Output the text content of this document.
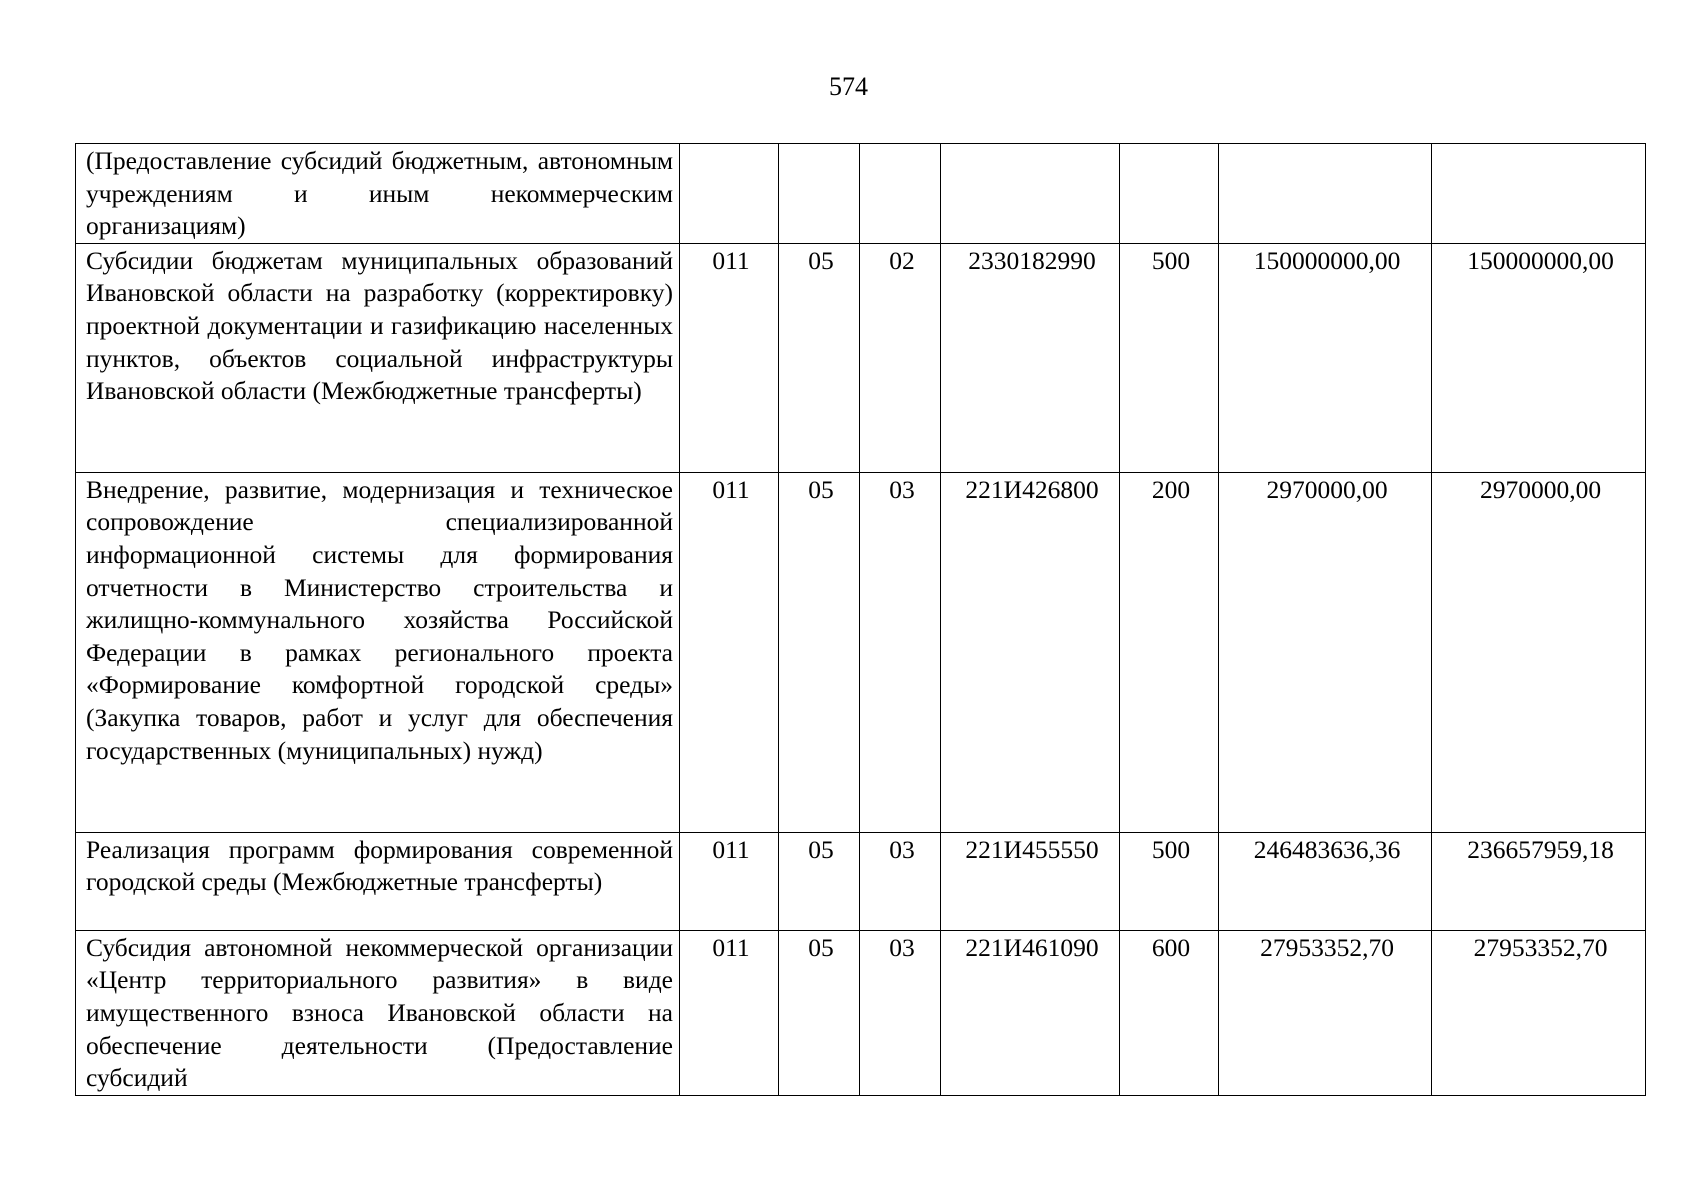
574
(Предоставление субсидий бюджетным, автономным учреждениям и иным некоммерческим организациям)							
Субсидии бюджетам муниципальных образований Ивановской области на разработку (корректировку) проектной документации и газификацию населенных пунктов, объектов социальной инфраструктуры Ивановской области (Межбюджетные трансферты)	011	05	02	2330182990	500	150000000,00	150000000,00
Внедрение, развитие, модернизация и техническое сопровождение специализированной информационной системы для формирования отчетности в Министерство строительства и жилищно-коммунального хозяйства Российской Федерации в рамках регионального проекта «Формирование комфортной городской среды» (Закупка товаров, работ и услуг для обеспечения государственных (муниципальных) нужд)	011	05	03	221И426800	200	2970000,00	2970000,00
Реализация программ формирования современной городской среды (Межбюджетные трансферты)	011	05	03	221И455550	500	246483636,36	236657959,18
Субсидия автономной некоммерческой организации «Центр территориального развития» в виде имущественного взноса Ивановской области на обеспечение деятельности (Предоставление субсидий	011	05	03	221И461090	600	27953352,70	27953352,70
